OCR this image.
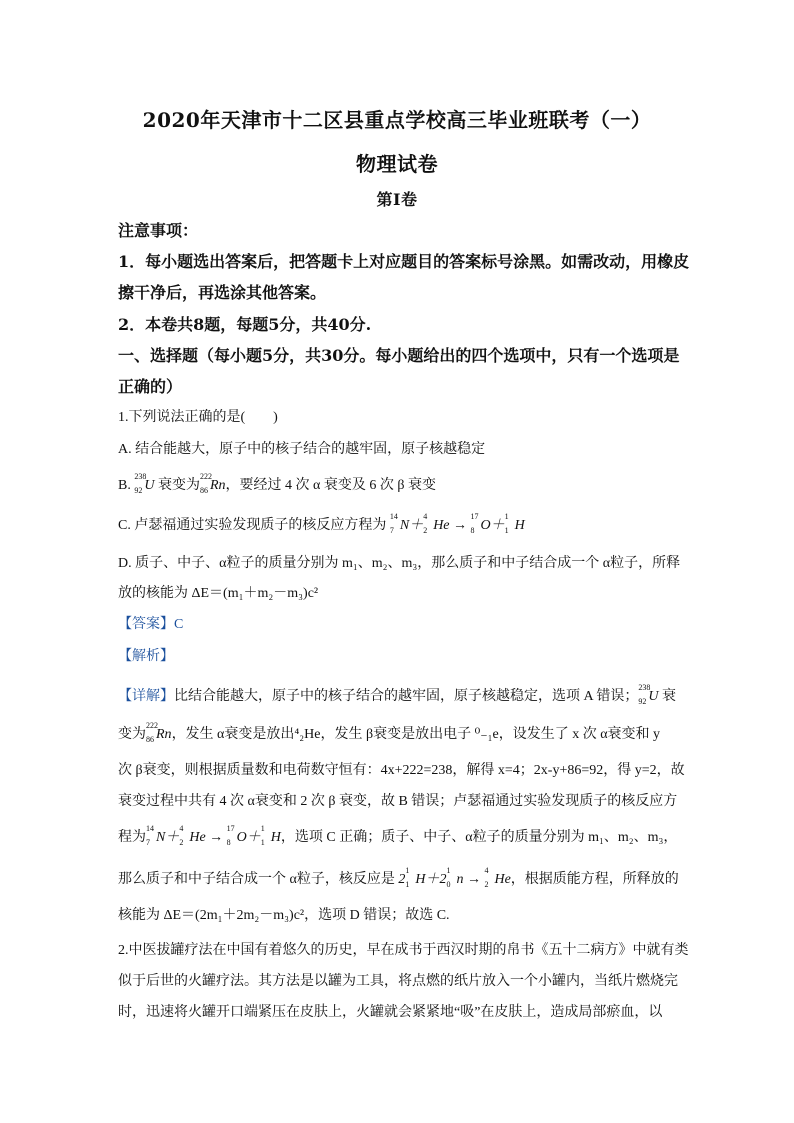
2020年天津市十二区县重点学校高三毕业班联考（一）
物理试卷
第Ⅰ卷
注意事项：
1．每小题选出答案后，把答题卡上对应题目的答案标号涂黑。如需改动，用橡皮
擦干净后，再选涂其他答案。
2．本卷共8题，每题5分，共40分.
一、选择题（每小题5分，共30分。每小题给出的四个选项中，只有一个选项是
正确的）
1.下列说法正确的是(　　)
A. 结合能越大，原子中的核子结合的越牢固，原子核越稳定
B.
238
92 U 衰变为
222
86 Rn，要经过 4 次 α 衰变及 6 次 β 衰变
C. 卢瑟福通过实验发现质子的核反应方程为
14
7 N＋
4
2 He →
17
8 O＋
1
1 H
D. 质子、中子、α粒子的质量分别为 m₁、m₂、m₃，那么质子和中子结合成一个 α粒子，所释
放的核能为 ΔE＝(m₁＋m₂－m₃)c²
【答案】C
【解析】
【详解】比结合能越大，原子中的核子结合的越牢固，原子核越稳定，选项 A 错误；
238
92 U 衰
变为
222
86 Rn，发生 α衰变是放出⁴₂He，发生 β衰变是放出电子 ⁰₋₁e，设发生了 x 次 α衰变和 y
次 β衰变，则根据质量数和电荷数守恒有：4x+222=238，解得 x=4；2x-y+86=92，得 y=2，故
衰变过程中共有 4 次 α衰变和 2 次 β 衰变，故 B 错误；卢瑟福通过实验发现质子的核反应方
程为
14
7 N＋
4
2 He →
17
8 O＋
1
1 H，选项 C 正确；质子、中子、α粒子的质量分别为 m₁、m₂、m₃，
那么质子和中子结合成一个 α粒子，核反应是 2
1
1 H＋2
1
0 n →
4
2 He，根据质能方程，所释放的
核能为 ΔE＝(2m₁＋2m₂－m₃)c²，选项 D 错误；故选 C.
2.中医拔罐疗法在中国有着悠久的历史，早在成书于西汉时期的帛书《五十二病方》中就有类
似于后世的火罐疗法。其方法是以罐为工具，将点燃的纸片放入一个小罐内，当纸片燃烧完
时，迅速将火罐开口端紧压在皮肤上，火罐就会紧紧地“吸”在皮肤上，造成局部瘀血，以
